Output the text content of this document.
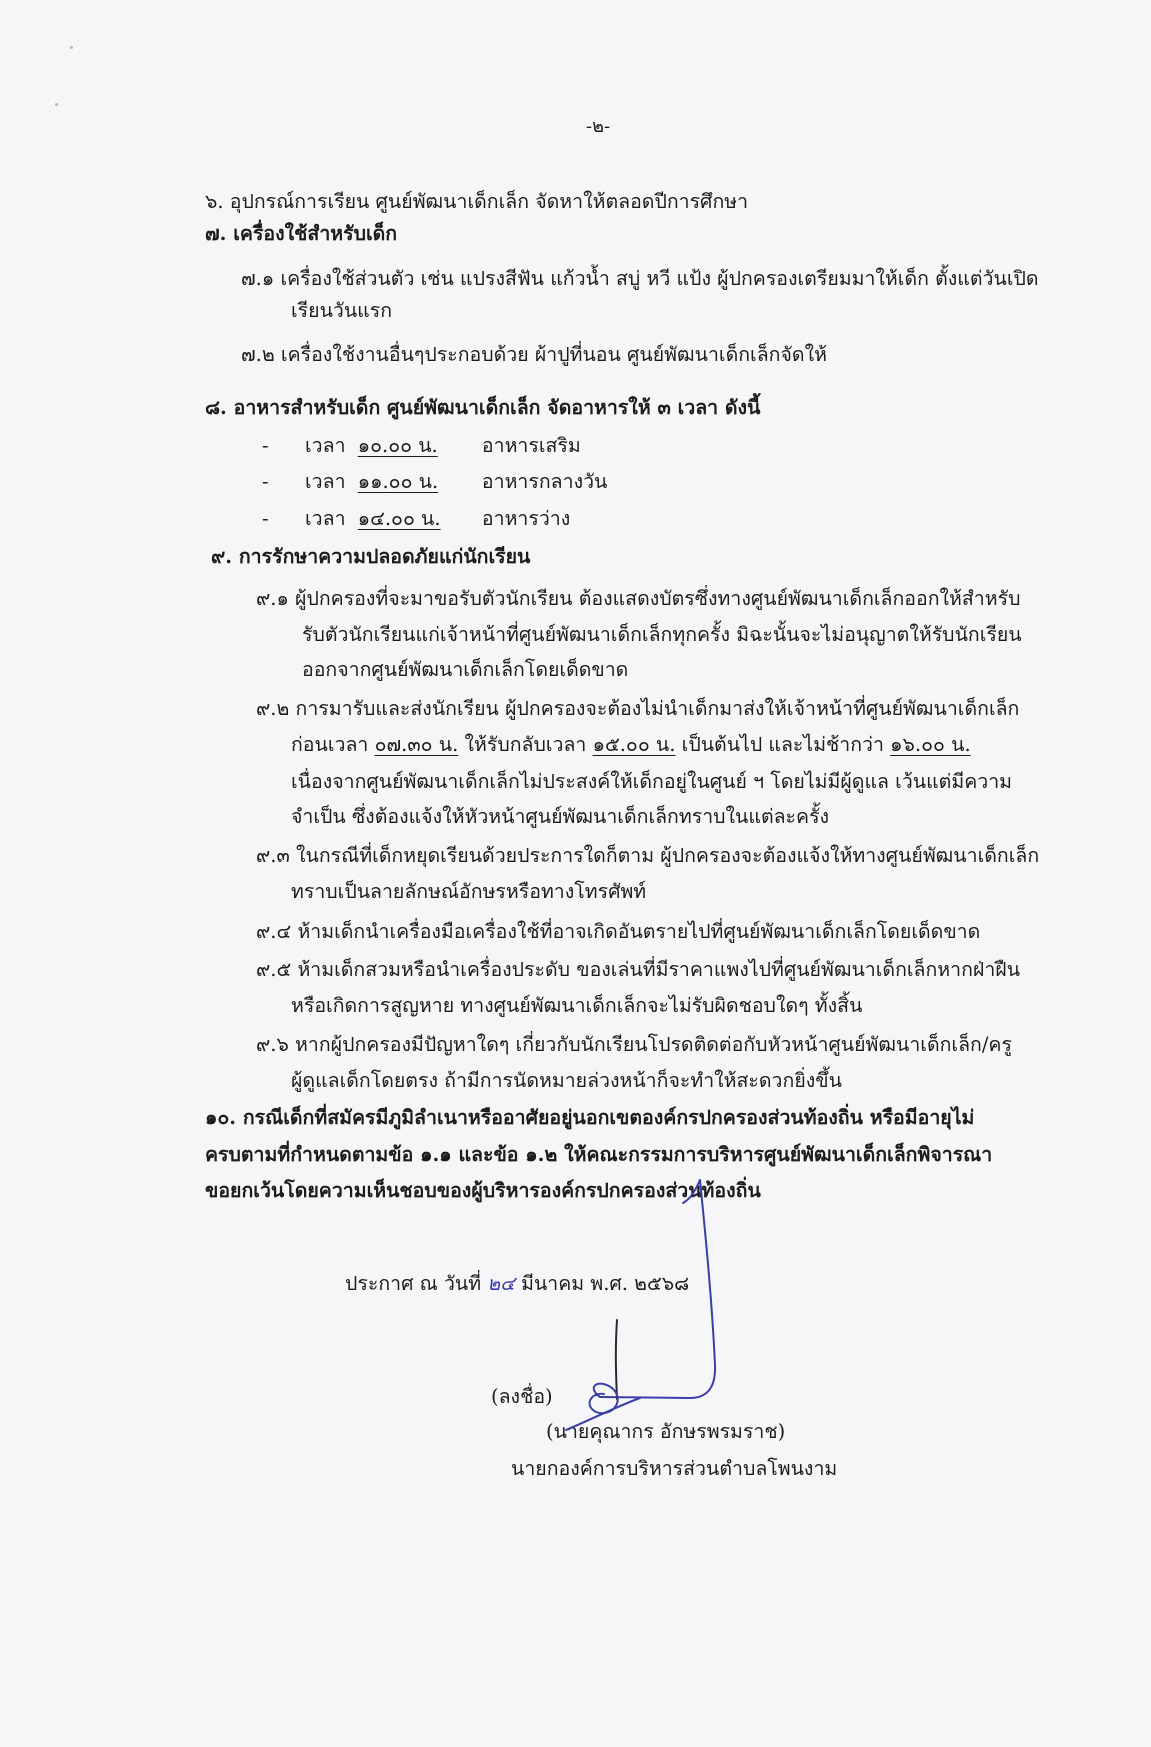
-๒-
๖. อุปกรณ์การเรียน ศูนย์พัฒนาเด็กเล็ก จัดหาให้ตลอดปีการศึกษา
๗. เครื่องใช้สำหรับเด็ก
๗.๑ เครื่องใช้ส่วนตัว เช่น แปรงสีฟัน แก้วน้ำ สบู่ หวี แป้ง ผู้ปกครองเตรียมมาให้เด็ก ตั้งแต่วันเปิด
เรียนวันแรก
๗.๒ เครื่องใช้งานอื่นๆประกอบด้วย ผ้าปูที่นอน ศูนย์พัฒนาเด็กเล็กจัดให้
๘. อาหารสำหรับเด็ก ศูนย์พัฒนาเด็กเล็ก จัดอาหารให้ ๓ เวลา ดังนี้
- เวลา ๑๐.๐๐ น. อาหารเสริม
- เวลา ๑๑.๐๐ น. อาหารกลางวัน
- เวลา ๑๔.๐๐ น. อาหารว่าง
๙. การรักษาความปลอดภัยแก่นักเรียน
๙.๑ ผู้ปกครองที่จะมาขอรับตัวนักเรียน ต้องแสดงบัตรซึ่งทางศูนย์พัฒนาเด็กเล็กออกให้สำหรับ
รับตัวนักเรียนแก่เจ้าหน้าที่ศูนย์พัฒนาเด็กเล็กทุกครั้ง มิฉะนั้นจะไม่อนุญาตให้รับนักเรียน
ออกจากศูนย์พัฒนาเด็กเล็กโดยเด็ดขาด
๙.๒ การมารับและส่งนักเรียน ผู้ปกครองจะต้องไม่นำเด็กมาส่งให้เจ้าหน้าที่ศูนย์พัฒนาเด็กเล็ก
ก่อนเวลา ๐๗.๓๐ น. ให้รับกลับเวลา ๑๕.๐๐ น. เป็นต้นไป และไม่ช้ากว่า ๑๖.๐๐ น.
เนื่องจากศูนย์พัฒนาเด็กเล็กไม่ประสงค์ให้เด็กอยู่ในศูนย์ ฯ โดยไม่มีผู้ดูแล เว้นแต่มีความ
จำเป็น ซึ่งต้องแจ้งให้หัวหน้าศูนย์พัฒนาเด็กเล็กทราบในแต่ละครั้ง
๙.๓ ในกรณีที่เด็กหยุดเรียนด้วยประการใดก็ตาม ผู้ปกครองจะต้องแจ้งให้ทางศูนย์พัฒนาเด็กเล็ก
ทราบเป็นลายลักษณ์อักษรหรือทางโทรศัพท์
๙.๔ ห้ามเด็กนำเครื่องมือเครื่องใช้ที่อาจเกิดอันตรายไปที่ศูนย์พัฒนาเด็กเล็กโดยเด็ดขาด
๙.๕ ห้ามเด็กสวมหรือนำเครื่องประดับ ของเล่นที่มีราคาแพงไปที่ศูนย์พัฒนาเด็กเล็กหากฝ่าฝืน
หรือเกิดการสูญหาย ทางศูนย์พัฒนาเด็กเล็กจะไม่รับผิดชอบใดๆ ทั้งสิ้น
๙.๖ หากผู้ปกครองมีปัญหาใดๆ เกี่ยวกับนักเรียนโปรดติดต่อกับหัวหน้าศูนย์พัฒนาเด็กเล็ก/ครู
ผู้ดูแลเด็กโดยตรง ถ้ามีการนัดหมายล่วงหน้าก็จะทำให้สะดวกยิ่งขึ้น
๑๐. กรณีเด็กที่สมัครมีภูมิลำเนาหรืออาศัยอยู่นอกเขตองค์กรปกครองส่วนท้องถิ่น หรือมีอายุไม่
ครบตามที่กำหนดตามข้อ ๑.๑ และข้อ ๑.๒ ให้คณะกรรมการบริหารศูนย์พัฒนาเด็กเล็กพิจารณา
ขอยกเว้นโดยความเห็นชอบของผู้บริหารองค์กรปกครองส่วนท้องถิ่น
ประกาศ ณ วันที่ ๒๔ มีนาคม พ.ศ. ๒๕๖๘
(ลงชื่อ)
(นายคุณากร อักษรพรมราช)
นายกองค์การบริหารส่วนตำบลโพนงาม
